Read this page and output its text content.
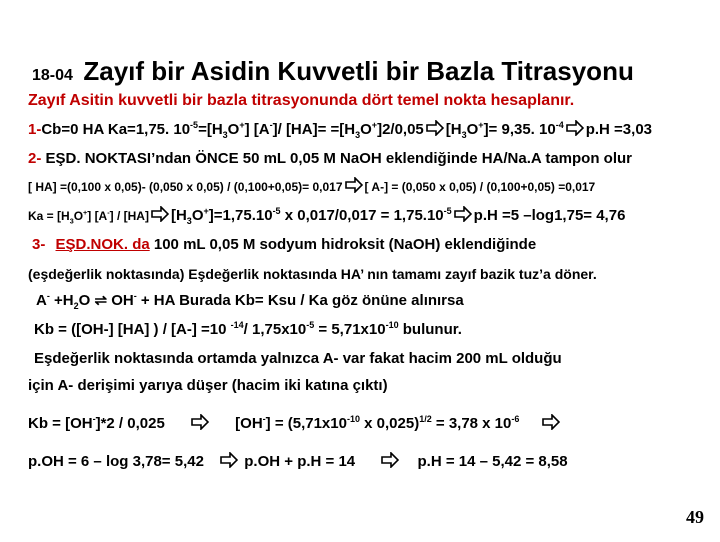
18-04 Zayıf bir Asidin Kuvvetli bir Bazla Titrasyonu
Zayıf Asitin kuvvetli bir bazla titrasyonunda dört temel nokta hesaplanır.
1-Cb=0 HA Ka=1,75. $10^{-5}=[H_3O^+]$ [A-]/ $[HA]= =[H_3O^+]2/0,05$ $[H_3O^+]= 9,35$. $10^{-4}$ p.H =3,03
2- EŞD. NOKTASI’ndan ÖNCE 50 mL 0,05 M NaOH eklendiğinde HA/Na.A tampon olur
[ HA] =(0,100 x 0,05)- (0,050 x 0,05) / (0,100+0,05)= 0,017 [ A-] = (0,050 x 0,05) / (0,100+0,05) =0,017
$Ka = [H_3O^+]$ [A-] / [HA] $[H_3O^+]=1,75.10^{-5}$ x $0,017/0,017 = 1,75.10^{-5}$ p.H =5 –log1,75= 4,76
3- EŞD.NOK. da 100 mL 0,05 M sodyum hidroksit (NaOH) eklendiğinde
(eşdeğerlik noktasında) Eşdeğerlik noktasında HA’ nın tamamı zayıf bazik tuz’a döner.
$A^- +H_2O$ ⇌ OH- + HA Burada Kb= Ksu / Ka göz önüne alınırsa
Kb = ([OH-] [HA] ) / [A-] =10 $^{-14}$/ $1,75x10^{-5} = 5,71x10^{-10}$ bulunur.
Eşdeğerlik noktasında ortamda yalnızca A- var fakat hacim 200 mL olduğu
için A- derişimi yarıya düşer (hacim iki katına çıktı)
Kb = [OH-]*2 / 0,025	$[OH^-] = (5,71x10^{-10}$ x 0,025)$^{1/2}$ = 3,78 x $10^{-6}$
p.OH = 6 – log 3,78= 5,42	p.OH + p.H = 14	p.H = 14 – 5,42 = 8,58
49
